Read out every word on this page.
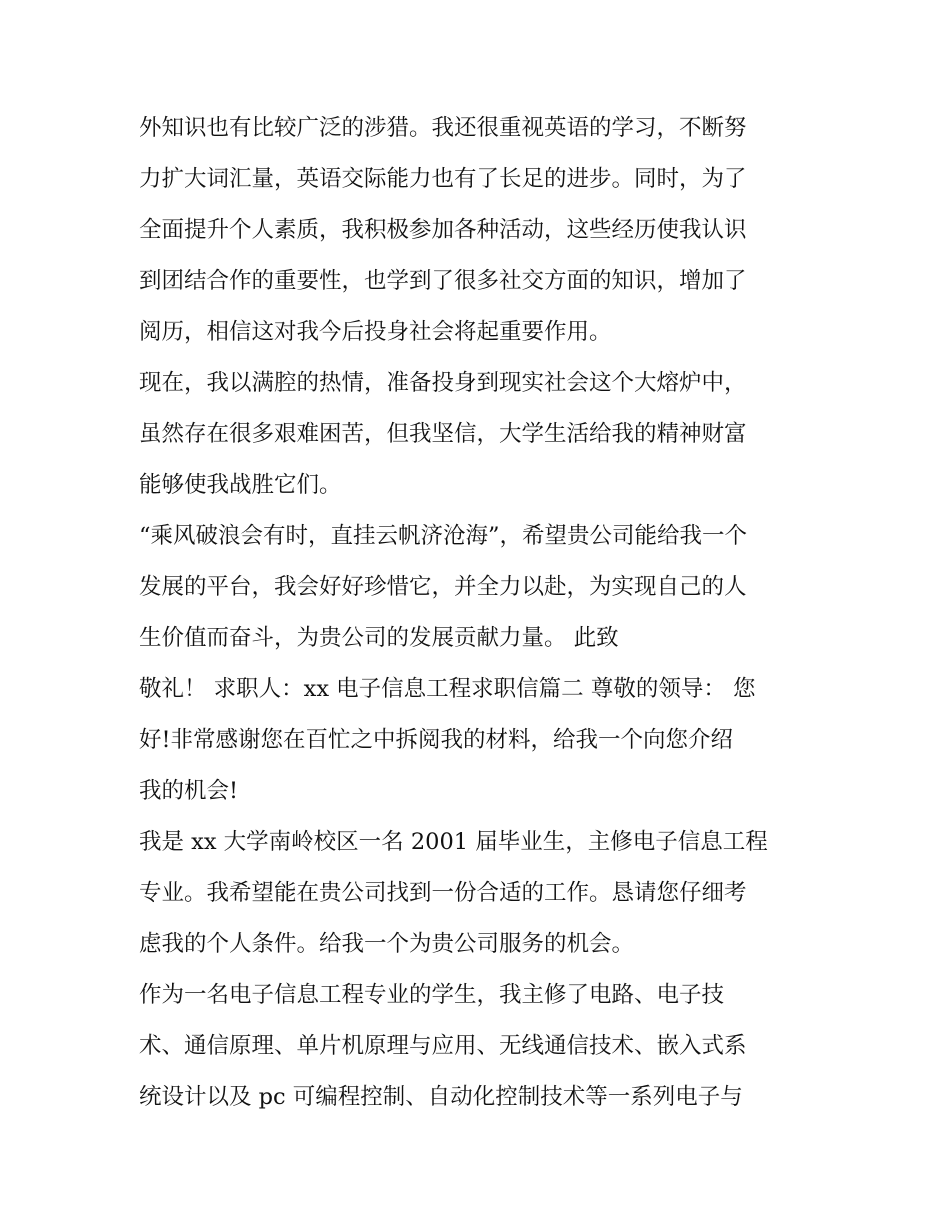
外知识也有比较广泛的涉猎。我还很重视英语的学习，不断努
力扩大词汇量，英语交际能力也有了长足的进步。同时，为了
全面提升个人素质，我积极参加各种活动，这些经历使我认识
到团结合作的重要性，也学到了很多社交方面的知识，增加了
阅历，相信这对我今后投身社会将起重要作用。
现在，我以满腔的热情，准备投身到现实社会这个大熔炉中，
虽然存在很多艰难困苦，但我坚信，大学生活给我的精神财富
能够使我战胜它们。
“乘风破浪会有时，直挂云帆济沧海”，希望贵公司能给我一个
发展的平台，我会好好珍惜它，并全力以赴，为实现自己的人
生价值而奋斗，为贵公司的发展贡献力量。 此致
敬礼！ 求职人：xx 电子信息工程求职信篇二 尊敬的领导： 您
好!非常感谢您在百忙之中拆阅我的材料，给我一个向您介绍
我的机会!
我是 xx 大学南岭校区一名 2001 届毕业生，主修电子信息工程
专业。我希望能在贵公司找到一份合适的工作。恳请您仔细考
虑我的个人条件。给我一个为贵公司服务的机会。
作为一名电子信息工程专业的学生，我主修了电路、电子技
术、通信原理、单片机原理与应用、无线通信技术、嵌入式系
统设计以及 pc 可编程控制、自动化控制技术等一系列电子与
